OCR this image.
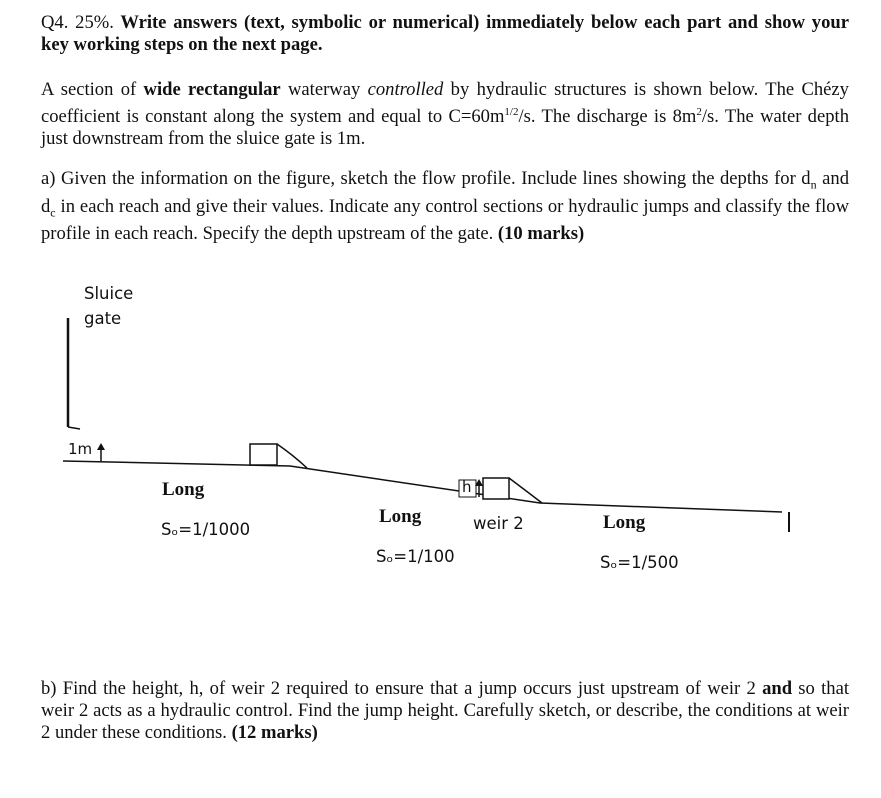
Q4. 25%. Write answers (text, symbolic or numerical) immediately below each part and show your key working steps on the next page.
A section of wide rectangular waterway controlled by hydraulic structures is shown below. The Chézy coefficient is constant along the system and equal to $C=60m^{1/2}/s$. The discharge is $8m^2/s$. The water depth just downstream from the sluice gate is 1m.
a) Given the information on the figure, sketch the flow profile. Include lines showing the depths for $d_n$ and $d_c$ in each reach and give their values. Indicate any control sections or hydraulic jumps and classify the flow profile in each reach. Specify the depth upstream of the gate. (10 marks)
Sluice
gate
1m
h
weir 2
Long
Sₒ=1/1000
Long
Sₒ=1/100
Long
Sₒ=1/500
b) Find the height, h, of weir 2 required to ensure that a jump occurs just upstream of weir 2 and so that weir 2 acts as a hydraulic control. Find the jump height. Carefully sketch, or describe, the conditions at weir 2 under these conditions. (12 marks)
